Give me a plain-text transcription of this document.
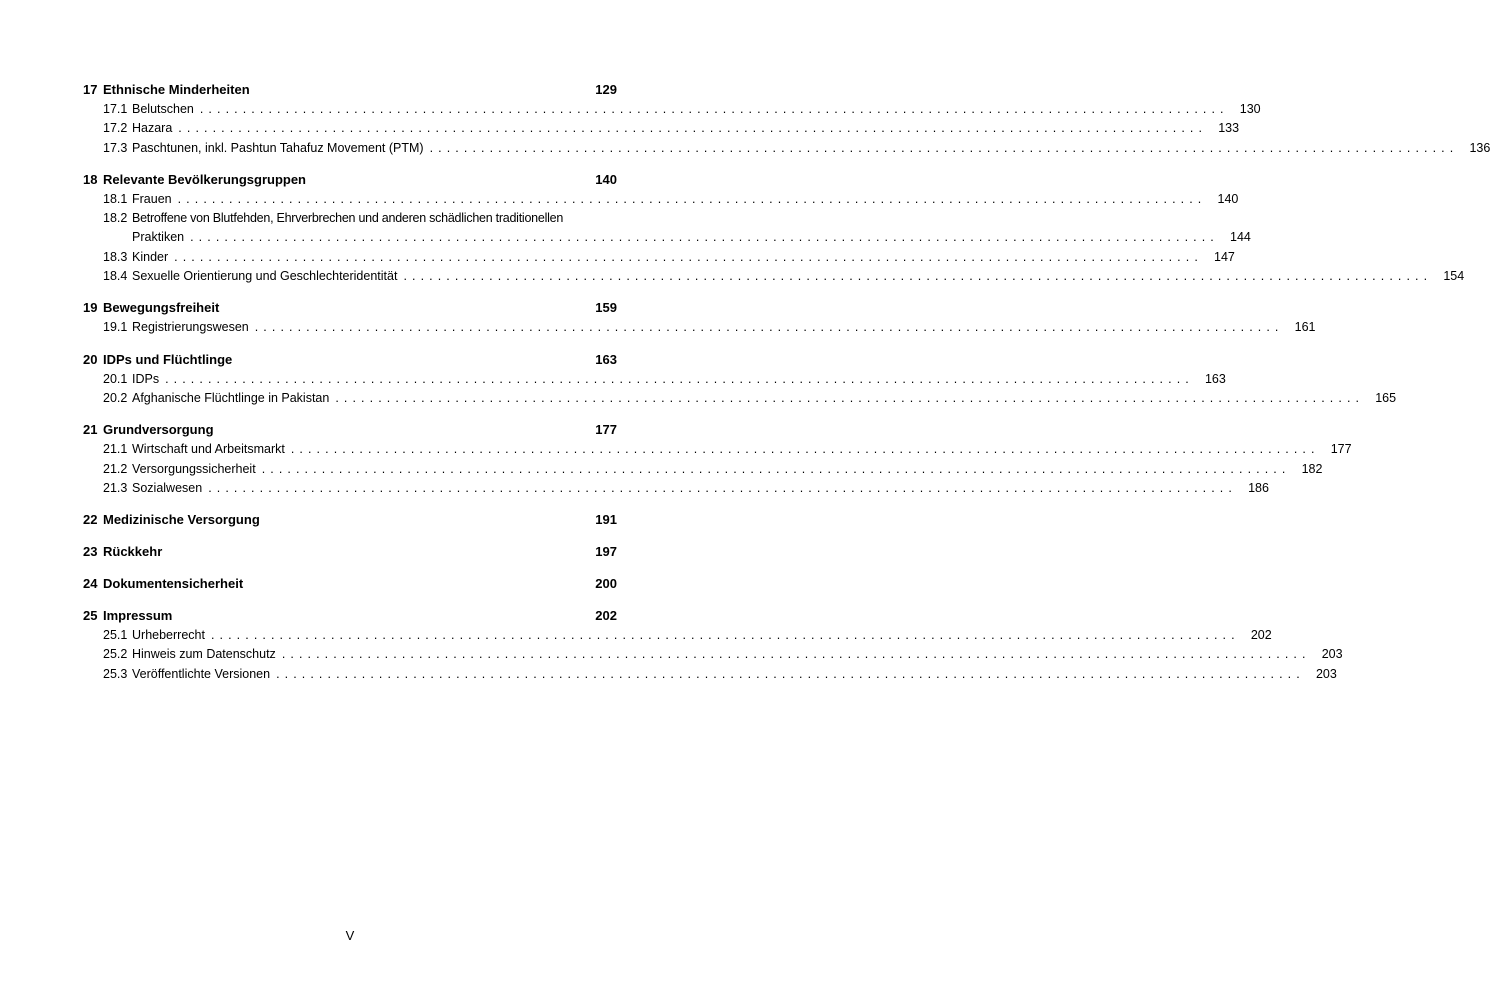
17 Ethnische Minderheiten	129
17.1 Belutschen ........................................................................................................................ 130
17.2 Hazara ........................................................................................................................ 133
17.3 Paschtunen, inkl. Pashtun Tahafuz Movement (PTM) ........................................................................................................................ 136
18 Relevante Bevölkerungsgruppen	140
18.1 Frauen ........................................................................................................................ 140
18.2 Betroffene von Blutfehden, Ehrverbrechen und anderen schädlichen traditionellen
Praktiken ........................................................................................................................ 144
18.3 Kinder ........................................................................................................................ 147
18.4 Sexuelle Orientierung und Geschlechteridentität ........................................................................................................................ 154
19 Bewegungsfreiheit	159
19.1 Registrierungswesen ........................................................................................................................ 161
20 IDPs und Flüchtlinge	163
20.1 IDPs ........................................................................................................................ 163
20.2 Afghanische Flüchtlinge in Pakistan ........................................................................................................................ 165
21 Grundversorgung	177
21.1 Wirtschaft und Arbeitsmarkt ........................................................................................................................ 177
21.2 Versorgungssicherheit ........................................................................................................................ 182
21.3 Sozialwesen ........................................................................................................................ 186
22 Medizinische Versorgung	191
23 Rückkehr	197
24 Dokumentensicherheit	200
25 Impressum	202
25.1 Urheberrecht ........................................................................................................................ 202
25.2 Hinweis zum Datenschutz ........................................................................................................................ 203
25.3 Veröffentlichte Versionen ........................................................................................................................ 203
V
